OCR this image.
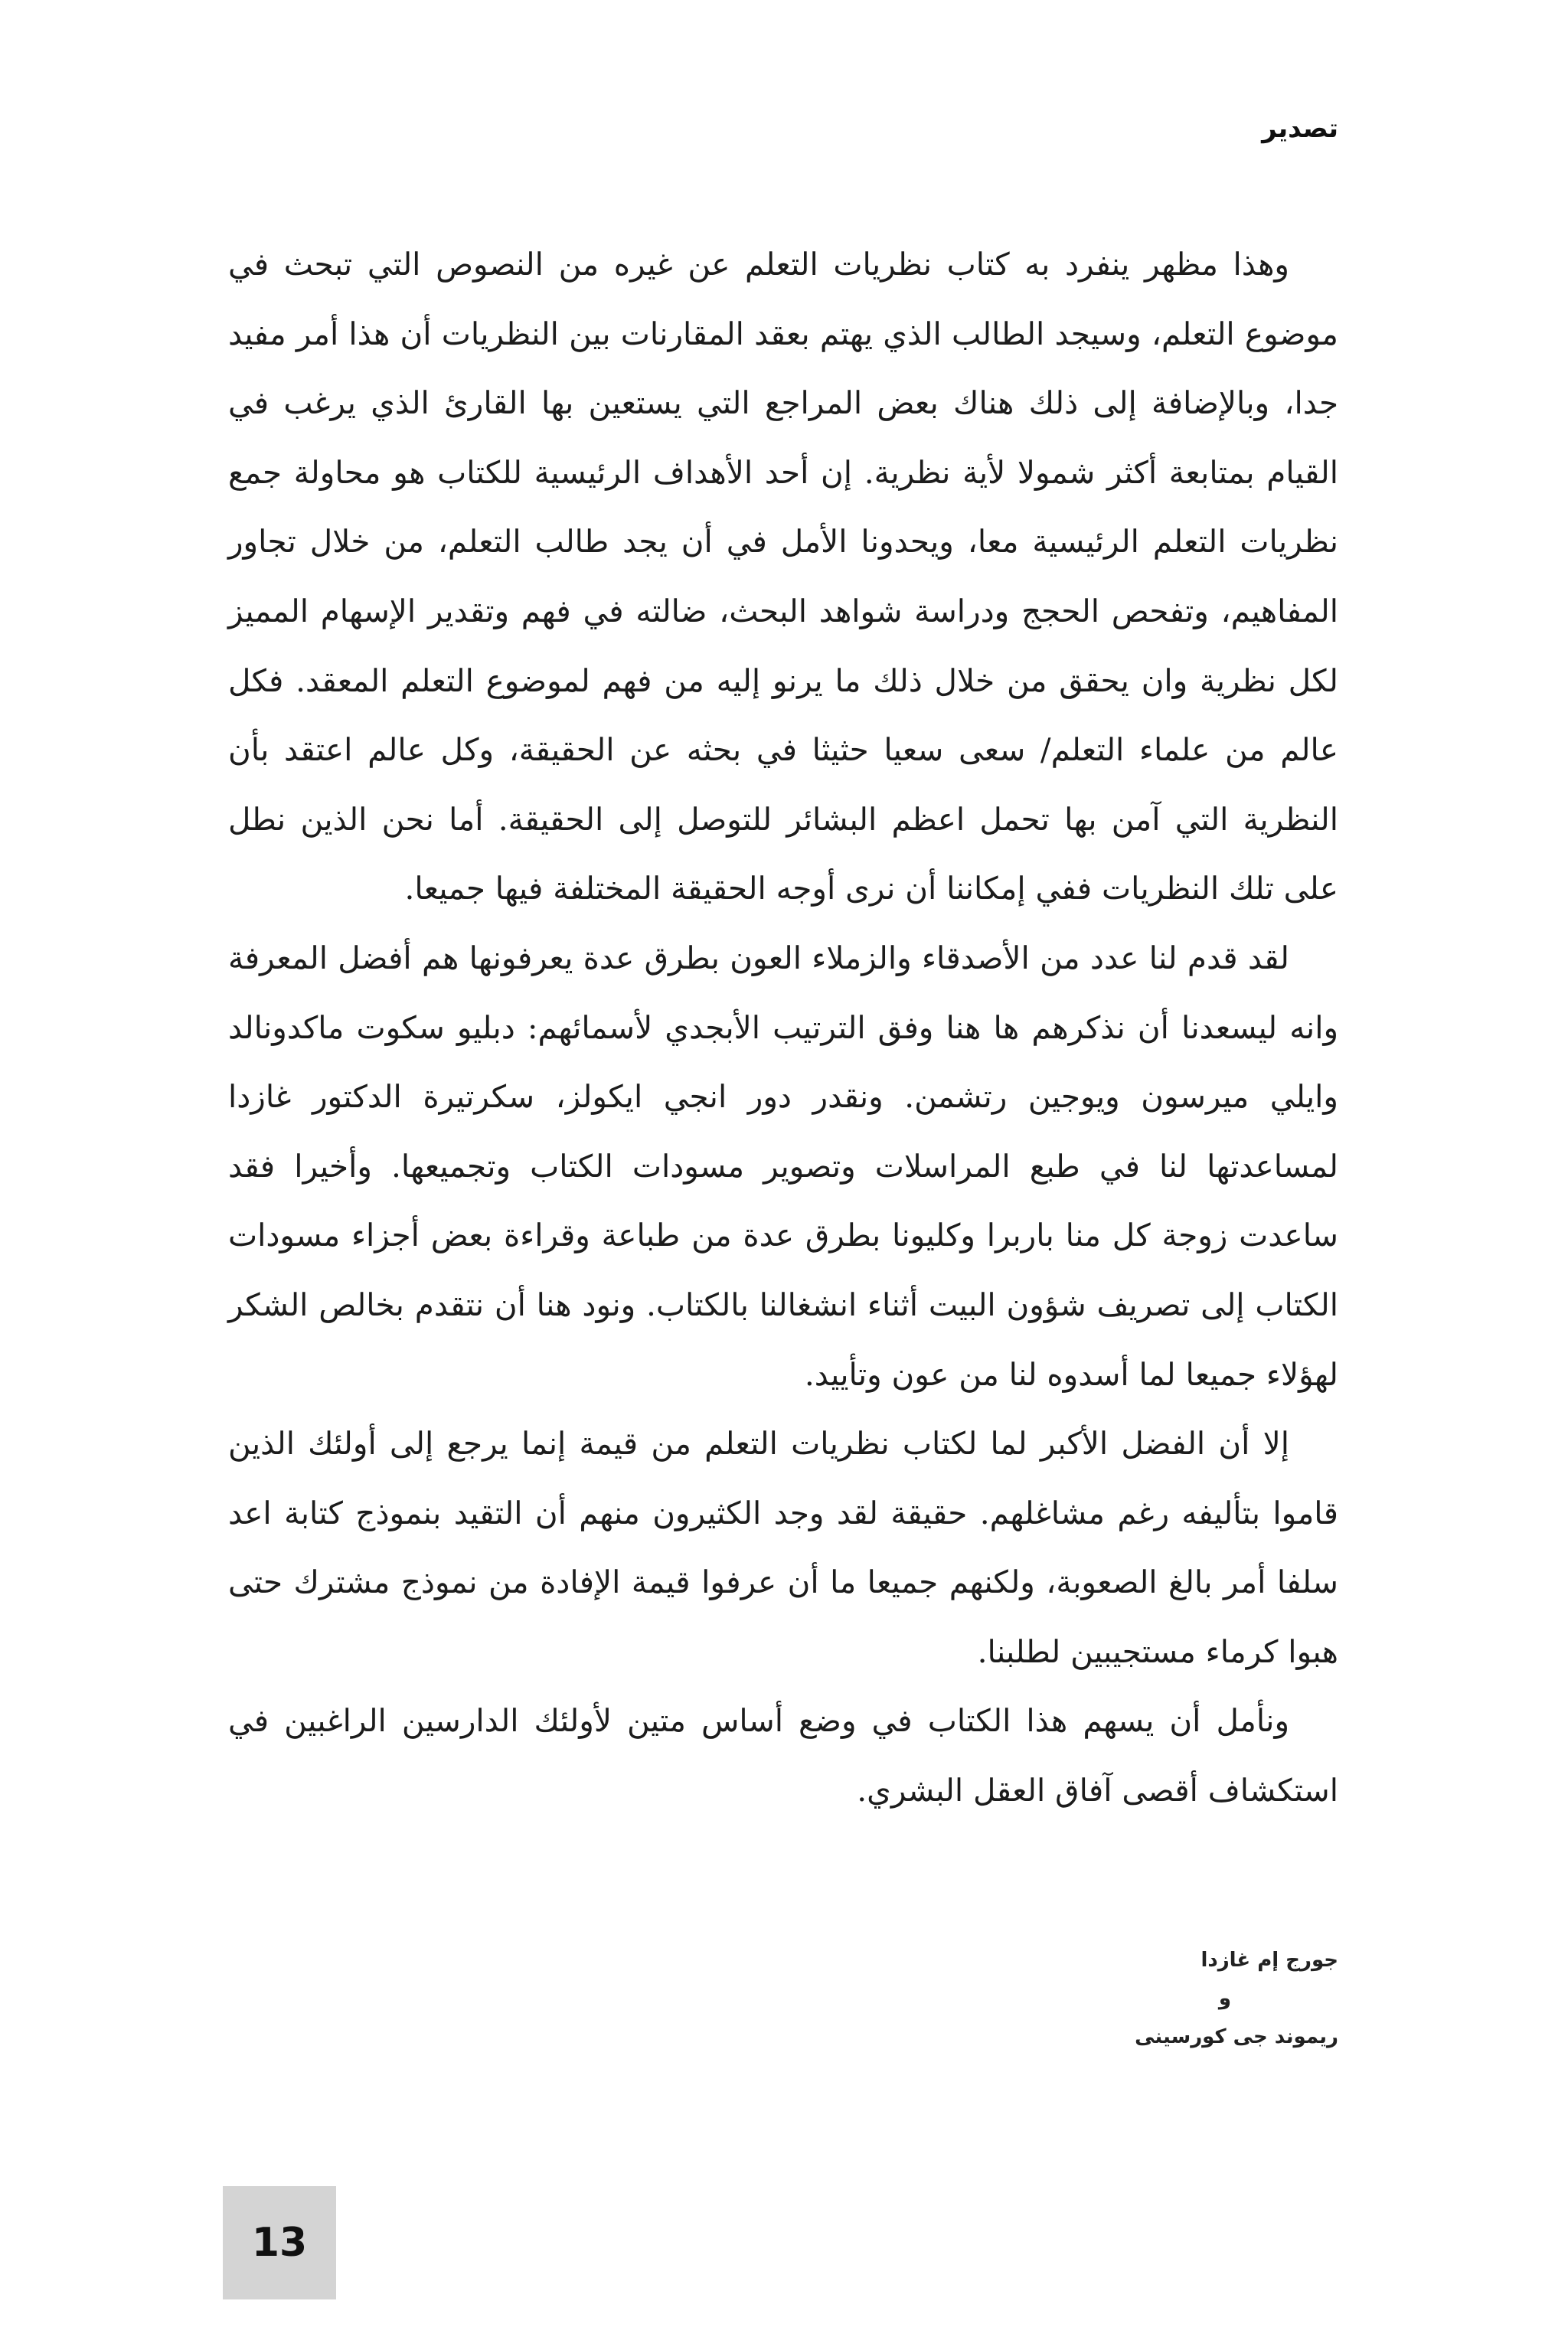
تصدير

وهذا مظهر ينفرد به كتاب نظريات التعلم عن غيره من النصوص التي تبحث في موضوع التعلم، وسيجد الطالب الذي يهتم بعقد المقارنات بين النظريات أن هذا أمر مفيد جدا، وبالإضافة إلى ذلك هناك بعض المراجع التي يستعين بها القارئ الذي يرغب في القيام بمتابعة أكثر شمولا لأية نظرية. إن أحد الأهداف الرئيسية للكتاب هو محاولة جمع نظريات التعلم الرئيسية معا، ويحدونا الأمل في أن يجد طالب التعلم، من خلال تجاور المفاهيم، وتفحص الحجج ودراسة شواهد البحث، ضالته في فهم وتقدير الإسهام المميز لكل نظرية وان يحقق من خلال ذلك ما يرنو إليه من فهم لموضوع التعلم المعقد. فكل عالم من علماء التعلم/ سعى سعيا حثيثا في بحثه عن الحقيقة، وكل عالم اعتقد بأن النظرية التي آمن بها تحمل اعظم البشائر للتوصل إلى الحقيقة. أما نحن الذين نطل على تلك النظريات ففي إمكاننا أن نرى أوجه الحقيقة المختلفة فيها جميعا.

لقد قدم لنا عدد من الأصدقاء والزملاء العون بطرق عدة يعرفونها هم أفضل المعرفة وانه ليسعدنا أن نذكرهم ها هنا وفق الترتيب الأبجدي لأسمائهم: دبليو سكوت ماكدونالد وايلي ميرسون ويوجين رتشمن. ونقدر دور انجي ايكولز، سكرتيرة الدكتور غازدا لمساعدتها لنا في طبع المراسلات وتصوير مسودات الكتاب وتجميعها. وأخيرا فقد ساعدت زوجة كل منا باربرا وكليونا بطرق عدة من طباعة وقراءة بعض أجزاء مسودات الكتاب إلى تصريف شؤون البيت أثناء انشغالنا بالكتاب. ونود هنا أن نتقدم بخالص الشكر لهؤلاء جميعا لما أسدوه لنا من عون وتأييد.

إلا أن الفضل الأكبر لما لكتاب نظريات التعلم من قيمة إنما يرجع إلى أولئك الذين قاموا بتأليفه رغم مشاغلهم. حقيقة لقد وجد الكثيرون منهم أن التقيد بنموذج كتابة اعد سلفا أمر بالغ الصعوبة، ولكنهم جميعا ما أن عرفوا قيمة الإفادة من نموذج مشترك حتى هبوا كرماء مستجيبين لطلبنا.

ونأمل أن يسهم هذا الكتاب في وضع أساس متين لأولئك الدارسين الراغبين في استكشاف أقصى آفاق العقل البشري.

جورج إم غازدا
و
ريموند جى كورسينى
13
